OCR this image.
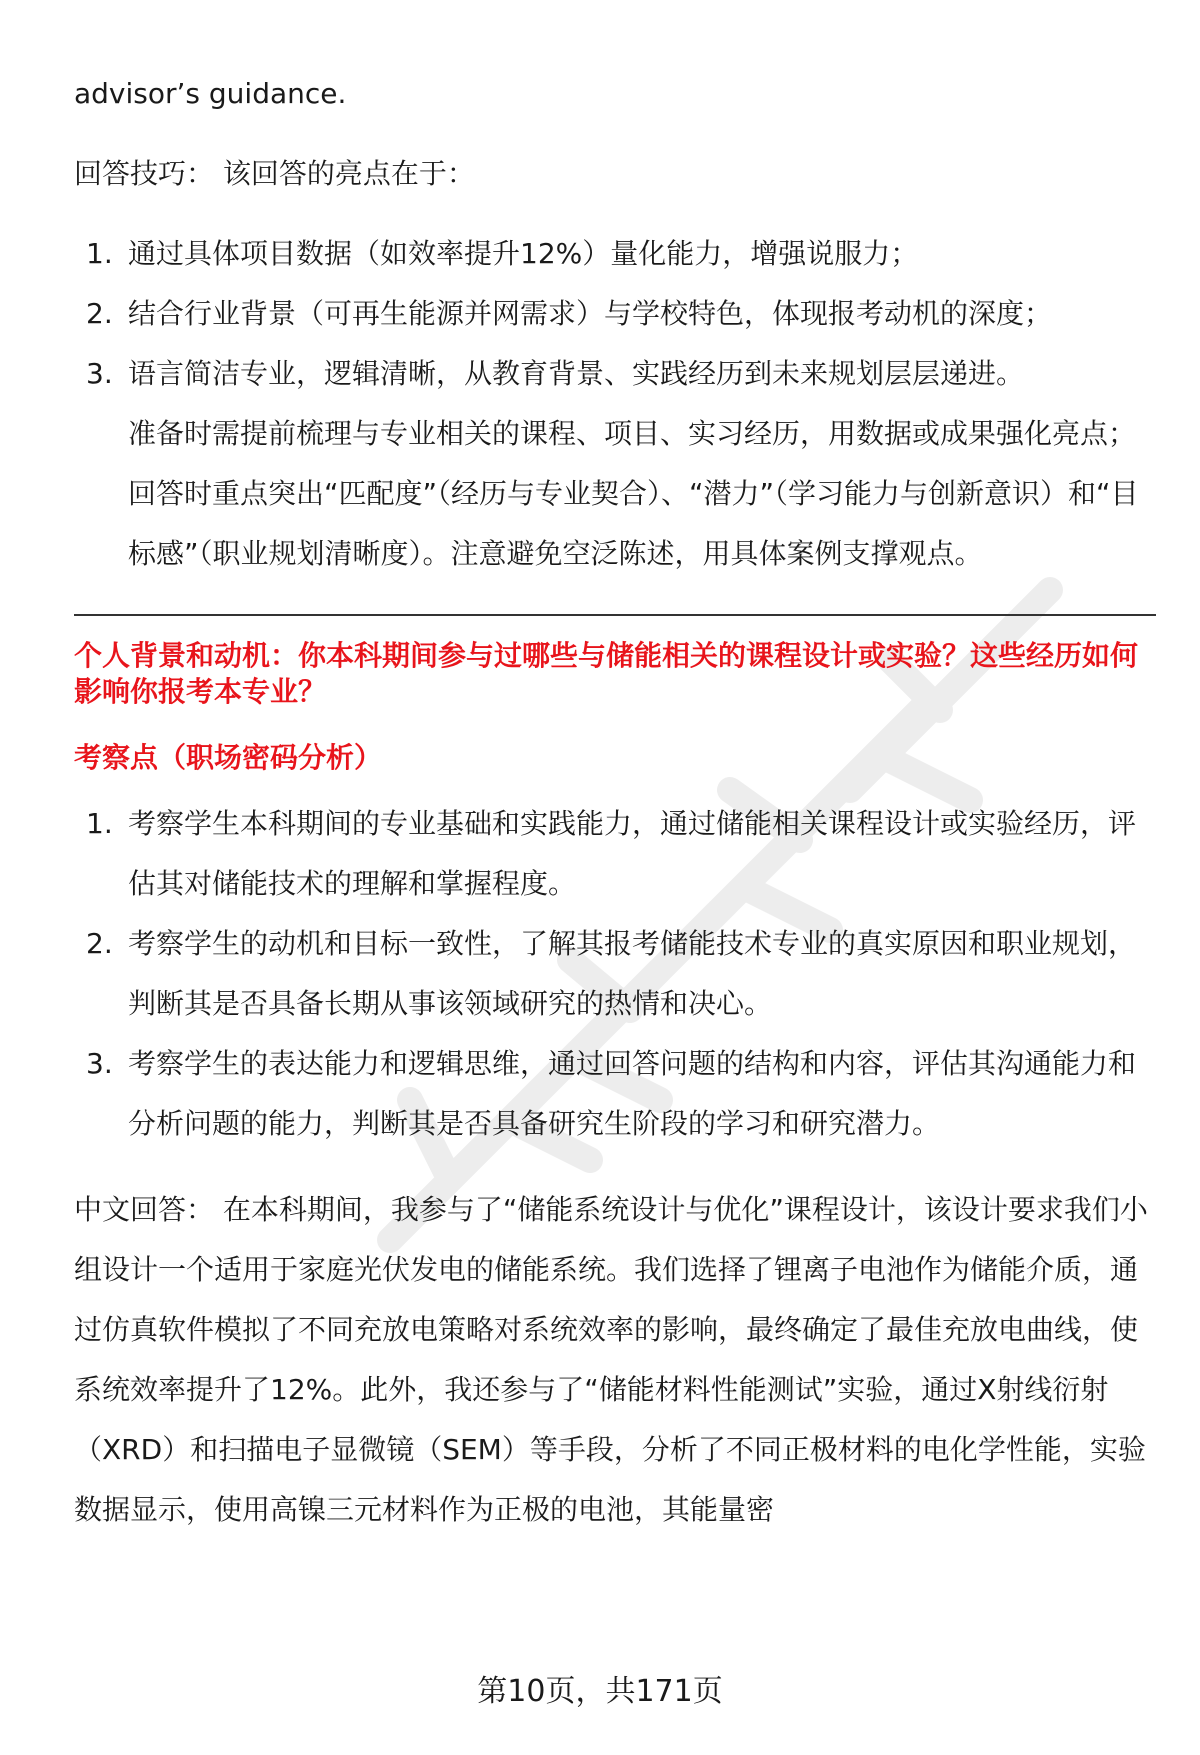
advisor’s guidance.

回答技巧： 该回答的亮点在于：

1. 通过具体项目数据（如效率提升12%）量化能力，增强说服力；
2. 结合行业背景（可再生能源并网需求）与学校特色，体现报考动机的深度；
3. 语言简洁专业，逻辑清晰，从教育背景、实践经历到未来规划层层递进。

准备时需提前梳理与专业相关的课程、项目、实习经历，用数据或成果强化亮点；回答时重点突出“匹配度”（经历与专业契合）、“潜力”（学习能力与创新意识）和“目标感”（职业规划清晰度）。注意避免空泛陈述，用具体案例支撑观点。

个人背景和动机：你本科期间参与过哪些与储能相关的课程设计或实验？这些经历如何影响你报考本专业？

考察点（职场密码分析）

1. 考察学生本科期间的专业基础和实践能力，通过储能相关课程设计或实验经历，评估其对储能技术的理解和掌握程度。
2. 考察学生的动机和目标一致性，了解其报考储能技术专业的真实原因和职业规划，判断其是否具备长期从事该领域研究的热情和决心。
3. 考察学生的表达能力和逻辑思维，通过回答问题的结构和内容，评估其沟通能力和分析问题的能力，判断其是否具备研究生阶段的学习和研究潜力。

中文回答： 在本科期间，我参与了“储能系统设计与优化”课程设计，该设计要求我们小组设计一个适用于家庭光伏发电的储能系统。我们选择了锂离子电池作为储能介质，通过仿真软件模拟了不同充放电策略对系统效率的影响，最终确定了最佳充放电曲线，使系统效率提升了12%。此外，我还参与了“储能材料性能测试”实验，通过X射线衍射（XRD）和扫描电子显微镜（SEM）等手段，分析了不同正极材料的电化学性能，实验数据显示，使用高镍三元材料作为正极的电池，其能量密

第10页，共171页
